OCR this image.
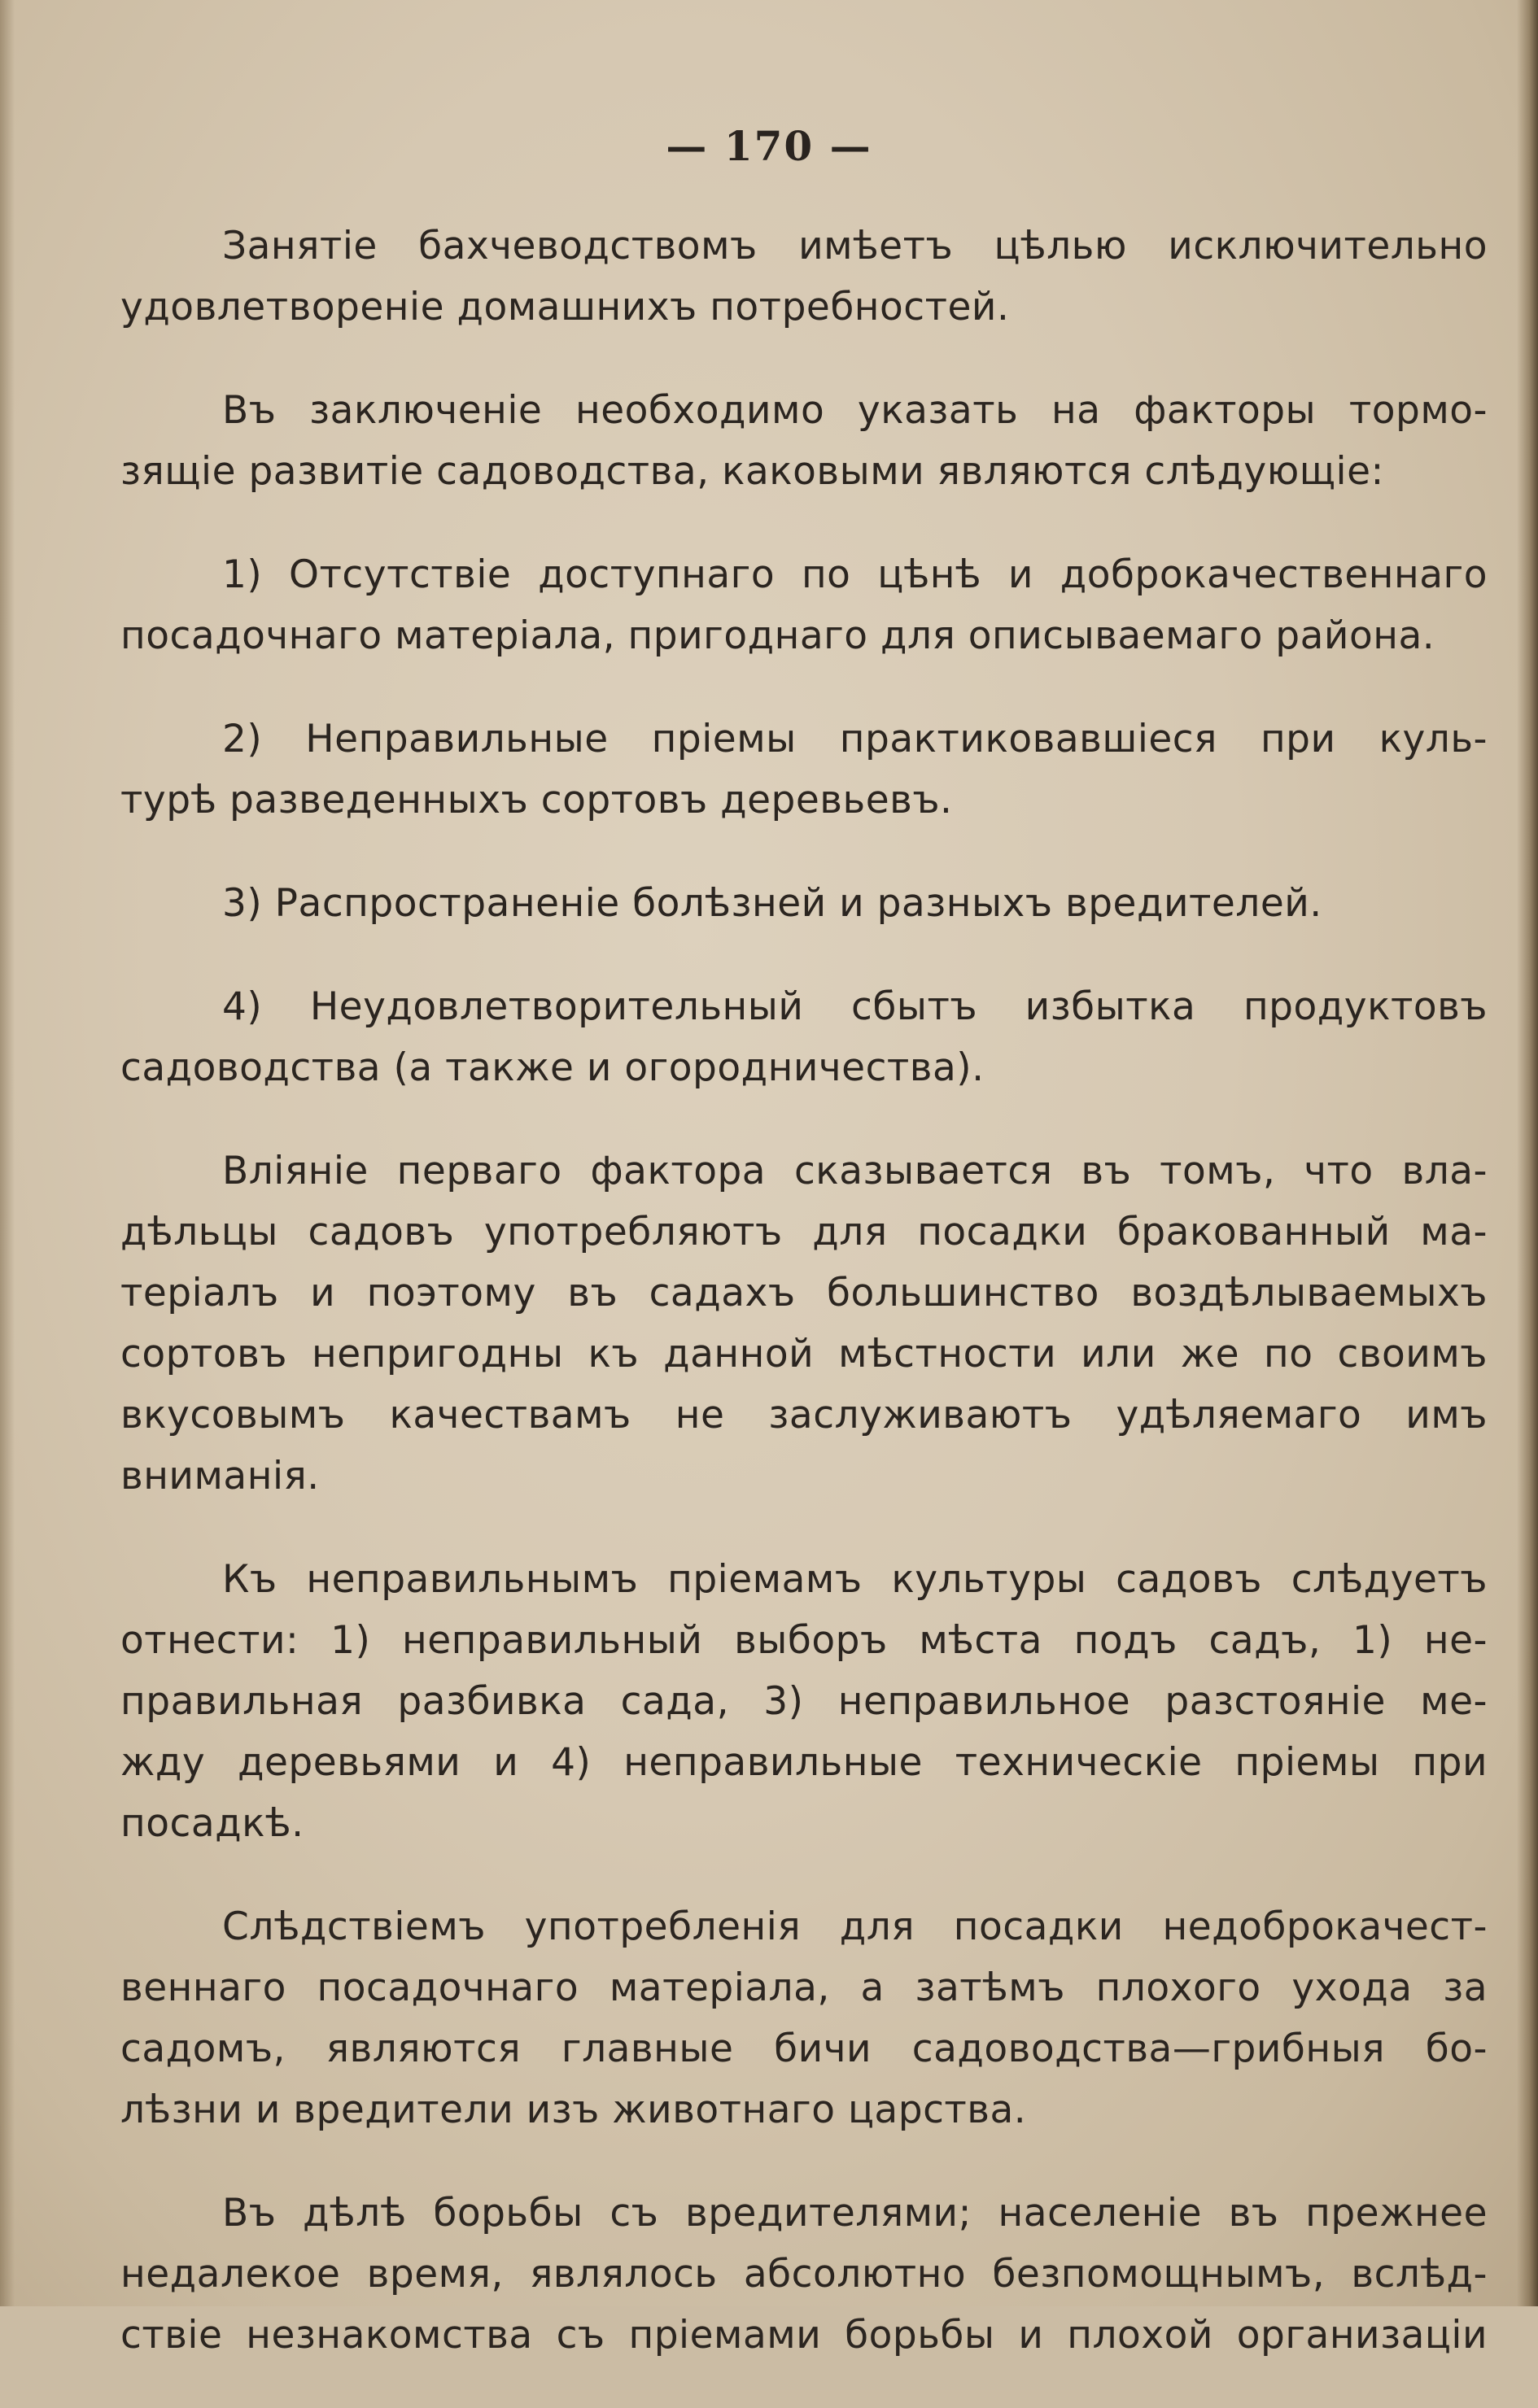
— 170 —
Занятіе бахчеводствомъ имѣетъ цѣлью исключительно
удовлетвореніе домашнихъ потребностей.
Въ заключеніе необходимо указать на факторы тормо-
зящіе развитіе садоводства, каковыми являются слѣдующіе:
1) Отсутствіе доступнаго по цѣнѣ и доброкачественнаго
посадочнаго матеріала, пригоднаго для описываемаго района.
2) Неправильные пріемы практиковавшіеся при куль-
турѣ разведенныхъ сортовъ деревьевъ.
3) Распространеніе болѣзней и разныхъ вредителей.
4) Неудовлетворительный сбытъ избытка продуктовъ
садоводства (а также и огородничества).
Вліяніе перваго фактора сказывается въ томъ, что вла-
дѣльцы садовъ употребляютъ для посадки бракованный ма-
теріалъ и поэтому въ садахъ большинство воздѣлываемыхъ
сортовъ непригодны къ данной мѣстности или же по своимъ
вкусовымъ качествамъ не заслуживаютъ удѣляемаго имъ
вниманія.
Къ неправильнымъ пріемамъ культуры садовъ слѣдуетъ
отнести: 1) неправильный выборъ мѣста подъ садъ, 1) не-
правильная разбивка сада, 3) неправильное разстояніе ме-
жду деревьями и 4) неправильные техническіе пріемы при
посадкѣ.
Слѣдствіемъ употребленія для посадки недоброкачест-
веннаго посадочнаго матеріала, а затѣмъ плохого ухода за
садомъ, являются главные бичи садоводства—грибныя бо-
лѣзни и вредители изъ животнаго царства.
Въ дѣлѣ борьбы съ вредителями; населеніе въ прежнее
недалекое время, являлось абсолютно безпомощнымъ, вслѣд-
ствіе незнакомства съ пріемами борьбы и плохой организаціи
